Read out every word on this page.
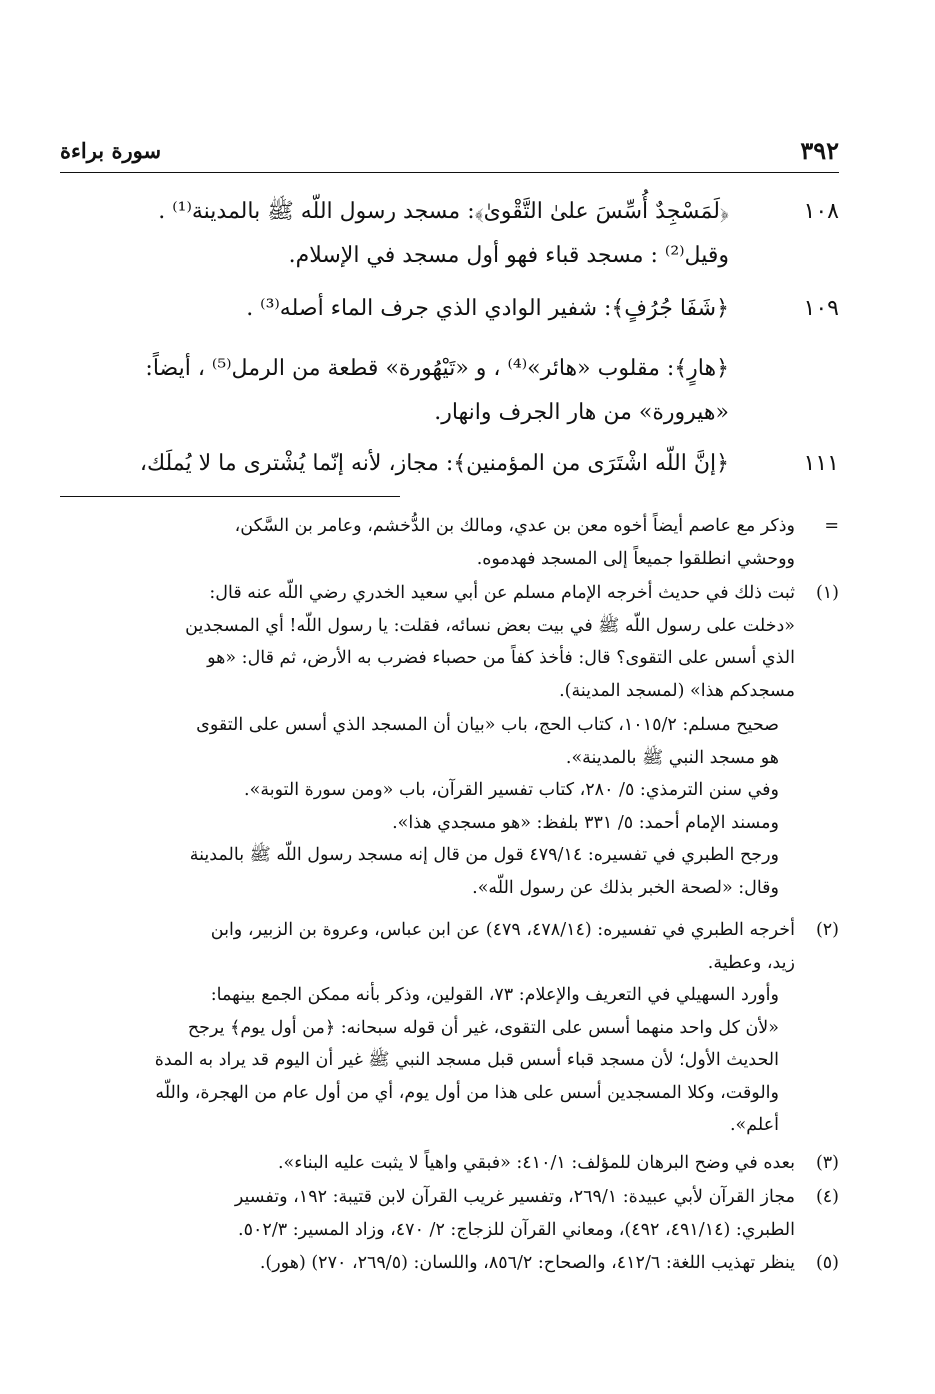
٣٩٢
سورة براءة
١٠٨
﴿لَمَسْجِدٌ أُسِّسَ علىٰ التَّقْوىٰ﴾: مسجد رسول اللّه ﷺ بالمدينة⁽¹⁾ .
وقيل⁽²⁾ : مسجد قباء فهو أول مسجد في الإسلام.
١٠٩
﴿شَفَا جُرُفٍ﴾: شفير الوادي الذي جرف الماء أصله⁽³⁾ .
﴿هارٍ﴾: مقلوب «هائر»⁽⁴⁾ ، و «تَيْهُورة» قطعة من الرمل⁽⁵⁾ ، أيضاً:
«هيرورة» من هار الجرف وانهار.
١١١
﴿إنَّ اللّه اشْتَرَى من المؤمنين﴾: مجاز، لأنه إنّما يُشْترى ما لا يُملَك،
=
وذكر مع عاصم أيضاً أخوه معن بن عدي، ومالك بن الدُّخشم، وعامر بن السَّكن،
ووحشي انطلقوا جميعاً إلى المسجد فهدموه.
(١)
ثبت ذلك في حديث أخرجه الإمام مسلم عن أبي سعيد الخدري رضي اللّه عنه قال:
«دخلت على رسول اللّه ﷺ في بيت بعض نسائه، فقلت: يا رسول اللّه! أي المسجدين
الذي أسس على التقوى؟ قال: فأخذ كفاً من حصباء فضرب به الأرض، ثم قال: «هو
مسجدكم هذا» (لمسجد المدينة).
صحيح مسلم: ١٠١٥/٢، كتاب الحج، باب «بيان أن المسجد الذي أسس على التقوى
هو مسجد النبي ﷺ بالمدينة».
وفي سنن الترمذي: ٥/ ٢٨٠، كتاب تفسير القرآن، باب «ومن سورة التوبة».
ومسند الإمام أحمد: ٥/ ٣٣١ بلفظ: «هو مسجدي هذا».
ورجح الطبري في تفسيره: ٤٧٩/١٤ قول من قال إنه مسجد رسول اللّه ﷺ بالمدينة
وقال: «لصحة الخبر بذلك عن رسول اللّه».
(٢)
أخرجه الطبري في تفسيره: (٤٧٨/١٤، ٤٧٩) عن ابن عباس، وعروة بن الزبير، وابن
زيد، وعطية.
وأورد السهيلي في التعريف والإعلام: ٧٣، القولين، وذكر بأنه ممكن الجمع بينهما:
«لأن كل واحد منهما أسس على التقوى، غير أن قوله سبحانه: ﴿من أول يوم﴾ يرجح
الحديث الأول؛ لأن مسجد قباء أسس قبل مسجد النبي ﷺ غير أن اليوم قد يراد به المدة
والوقت، وكلا المسجدين أسس على هذا من أول يوم، أي من أول عام من الهجرة، واللّه
أعلم».
(٣)
بعده في وضح البرهان للمؤلف: ٤١٠/١: «فبقي واهياً لا يثبت عليه البناء».
(٤)
مجاز القرآن لأبي عبيدة: ٢٦٩/١، وتفسير غريب القرآن لابن قتيبة: ١٩٢، وتفسير
الطبري: (٤٩١/١٤، ٤٩٢)، ومعاني القرآن للزجاج: ٢/ ٤٧٠، وزاد المسير: ٥٠٢/٣.
(٥)
ينظر تهذيب اللغة: ٤١٢/٦، والصحاح: ٨٥٦/٢، واللسان: (٢٦٩/٥، ٢٧٠) (هور).
